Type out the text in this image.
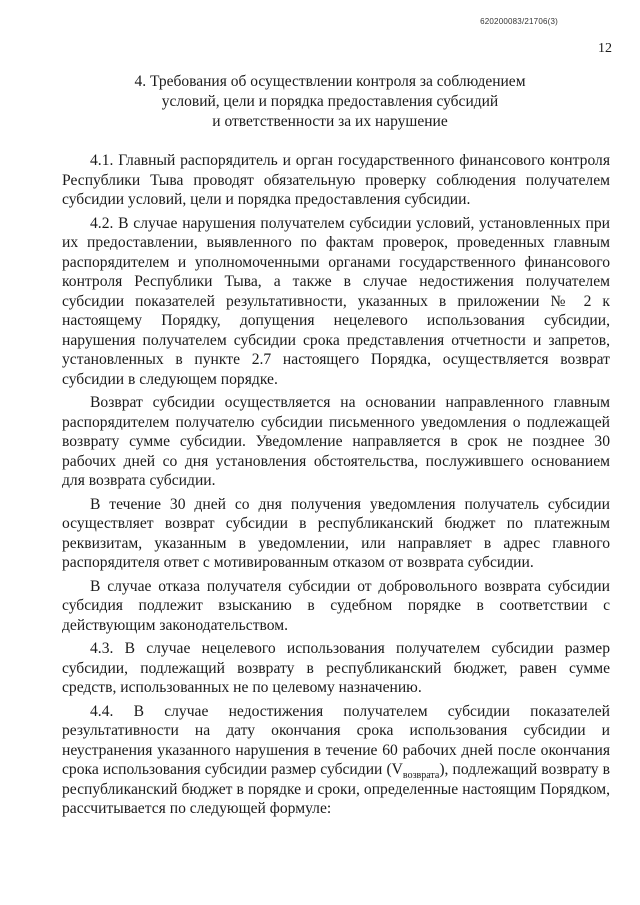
620200083/21706(3)
12
4. Требования об осуществлении контроля за соблюдением
условий, цели и порядка предоставления субсидий
и ответственности за их нарушение

4.1. Главный распорядитель и орган государственного финансового контроля Республики Тыва проводят обязательную проверку соблюдения получателем субсидии условий, цели и порядка предоставления субсидии.

4.2. В случае нарушения получателем субсидии условий, установленных при их предоставлении, выявленного по фактам проверок, проведенных главным распорядителем и уполномоченными органами государственного финансового контроля Республики Тыва, а также в случае недостижения получателем субсидии показателей результативности, указанных в приложении № 2 к настоящему Порядку, допущения нецелевого использования субсидии, нарушения получателем субсидии срока представления отчетности и запретов, установленных в пункте 2.7 настоящего Порядка, осуществляется возврат субсидии в следующем порядке.

Возврат субсидии осуществляется на основании направленного главным распорядителем получателю субсидии письменного уведомления о подлежащей возврату сумме субсидии. Уведомление направляется в срок не позднее 30 рабочих дней со дня установления обстоятельства, послужившего основанием для возврата субсидии.

В течение 30 дней со дня получения уведомления получатель субсидии осуществляет возврат субсидии в республиканский бюджет по платежным реквизитам, указанным в уведомлении, или направляет в адрес главного распорядителя ответ с мотивированным отказом от возврата субсидии.

В случае отказа получателя субсидии от добровольного возврата субсидии субсидия подлежит взысканию в судебном порядке в соответствии с действующим законодательством.

4.3. В случае нецелевого использования получателем субсидии размер субсидии, подлежащий возврату в республиканский бюджет, равен сумме средств, использованных не по целевому назначению.

4.4. В случае недостижения получателем субсидии показателей результативности на дату окончания срока использования субсидии и неустранения указанного нарушения в течение 60 рабочих дней после окончания срока использования субсидии размер субсидии $(V_{возврата})$, подлежащий возврату в республиканский бюджет в порядке и сроки, определенные настоящим Порядком, рассчитывается по следующей формуле:
